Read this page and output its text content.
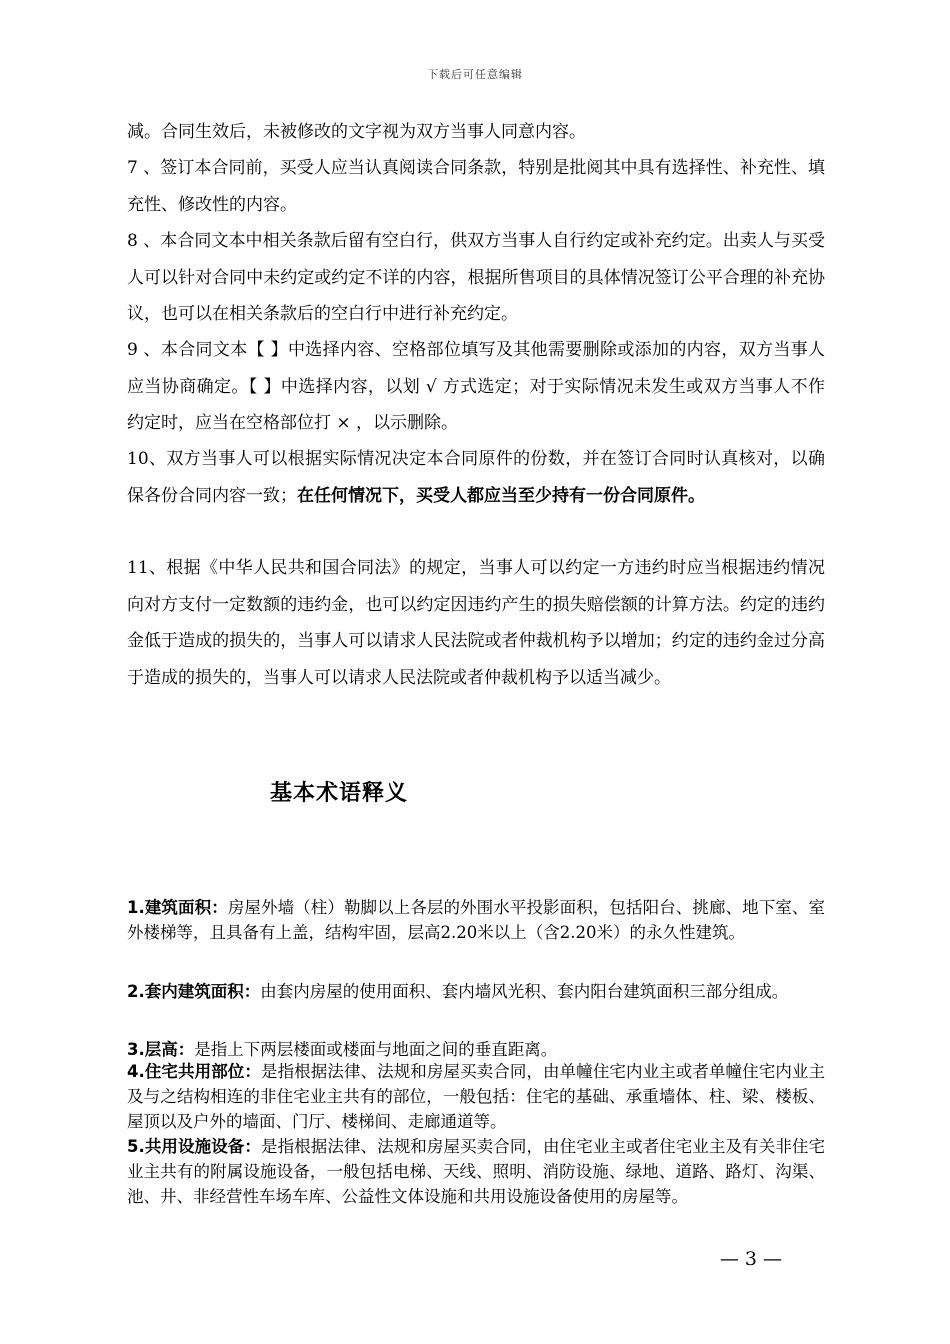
下载后可任意编辑

减。合同生效后，未被修改的文字视为双方当事人同意内容。

7 、签订本合同前，买受人应当认真阅读合同条款，特别是批阅其中具有选择性、补充性、填充性、修改性的内容。

8 、本合同文本中相关条款后留有空白行，供双方当事人自行约定或补充约定。出卖人与买受人可以针对合同中未约定或约定不详的内容，根据所售项目的具体情况签订公平合理的补充协议，也可以在相关条款后的空白行中进行补充约定。

9 、本合同文本【 】中选择内容、空格部位填写及其他需要删除或添加的内容，双方当事人应当协商确定。【 】中选择内容，以划 √ 方式选定；对于实际情况未发生或双方当事人不作约定时，应当在空格部位打 × ，以示删除。

10、双方当事人可以根据实际情况决定本合同原件的份数，并在签订合同时认真核对，以确保各份合同内容一致；在任何情况下，买受人都应当至少持有一份合同原件。

11、根据《中华人民共和国合同法》的规定，当事人可以约定一方违约时应当根据违约情况向对方支付一定数额的违约金，也可以约定因违约产生的损失赔偿额的计算方法。约定的违约金低于造成的损失的，当事人可以请求人民法院或者仲裁机构予以增加；约定的违约金过分高于造成的损失的，当事人可以请求人民法院或者仲裁机构予以适当减少。

基本术语释义

1.建筑面积：房屋外墙（柱）勒脚以上各层的外围水平投影面积，包括阳台、挑廊、地下室、室外楼梯等，且具备有上盖，结构牢固，层高2.20米以上（含2.20米）的永久性建筑。

2.套内建筑面积：由套内房屋的使用面积、套内墙风光积、套内阳台建筑面积三部分组成。

3.层高：是指上下两层楼面或楼面与地面之间的垂直距离。

4.住宅共用部位：是指根据法律、法规和房屋买卖合同，由单幢住宅内业主或者单幢住宅内业主及与之结构相连的非住宅业主共有的部位，一般包括：住宅的基础、承重墙体、柱、梁、楼板、屋顶以及户外的墙面、门厅、楼梯间、走廊通道等。

5.共用设施设备：是指根据法律、法规和房屋买卖合同，由住宅业主或者住宅业主及有关非住宅业主共有的附属设施设备，一般包括电梯、天线、照明、消防设施、绿地、道路、路灯、沟渠、池、井、非经营性车场车库、公益性文体设施和共用设施设备使用的房屋等。

— 3 —
